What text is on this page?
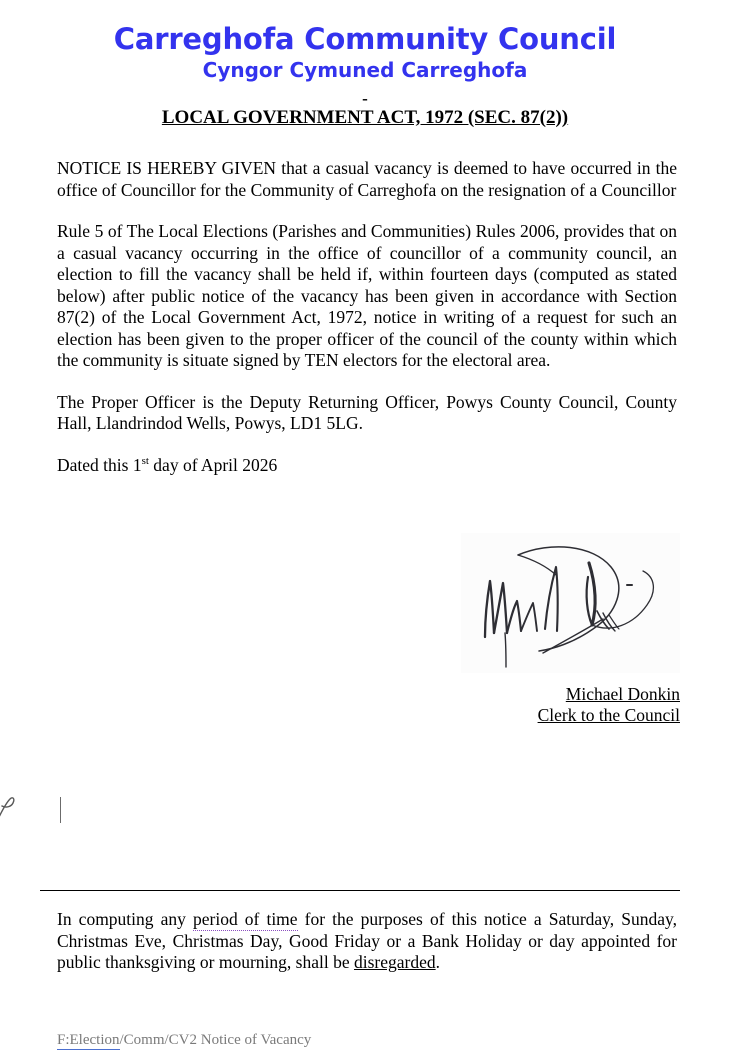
Carreghofa Community Council
Cyngor Cymuned Carreghofa
-
LOCAL GOVERNMENT ACT, 1972 (SEC. 87(2))

NOTICE IS HEREBY GIVEN that a casual vacancy is deemed to have occurred in the office of Councillor for the Community of Carreghofa on the resignation of a Councillor

Rule 5 of The Local Elections (Parishes and Communities) Rules 2006, provides that on a casual vacancy occurring in the office of councillor of a community council, an election to fill the vacancy shall be held if, within fourteen days (computed as stated below) after public notice of the vacancy has been given in accordance with Section 87(2) of the Local Government Act, 1972, notice in writing of a request for such an election has been given to the proper officer of the council of the county within which the community is situate signed by TEN electors for the electoral area.

The Proper Officer is the Deputy Returning Officer, Powys County Council, County Hall, Llandrindod Wells, Powys, LD1 5LG.

Dated this 1st day of April 2026

Michael Donkin
Clerk to the Council

In computing any period of time for the purposes of this notice a Saturday, Sunday, Christmas Eve, Christmas Day, Good Friday or a Bank Holiday or day appointed for public thanksgiving or mourning, shall be disregarded.

F:Election/Comm/CV2 Notice of Vacancy
